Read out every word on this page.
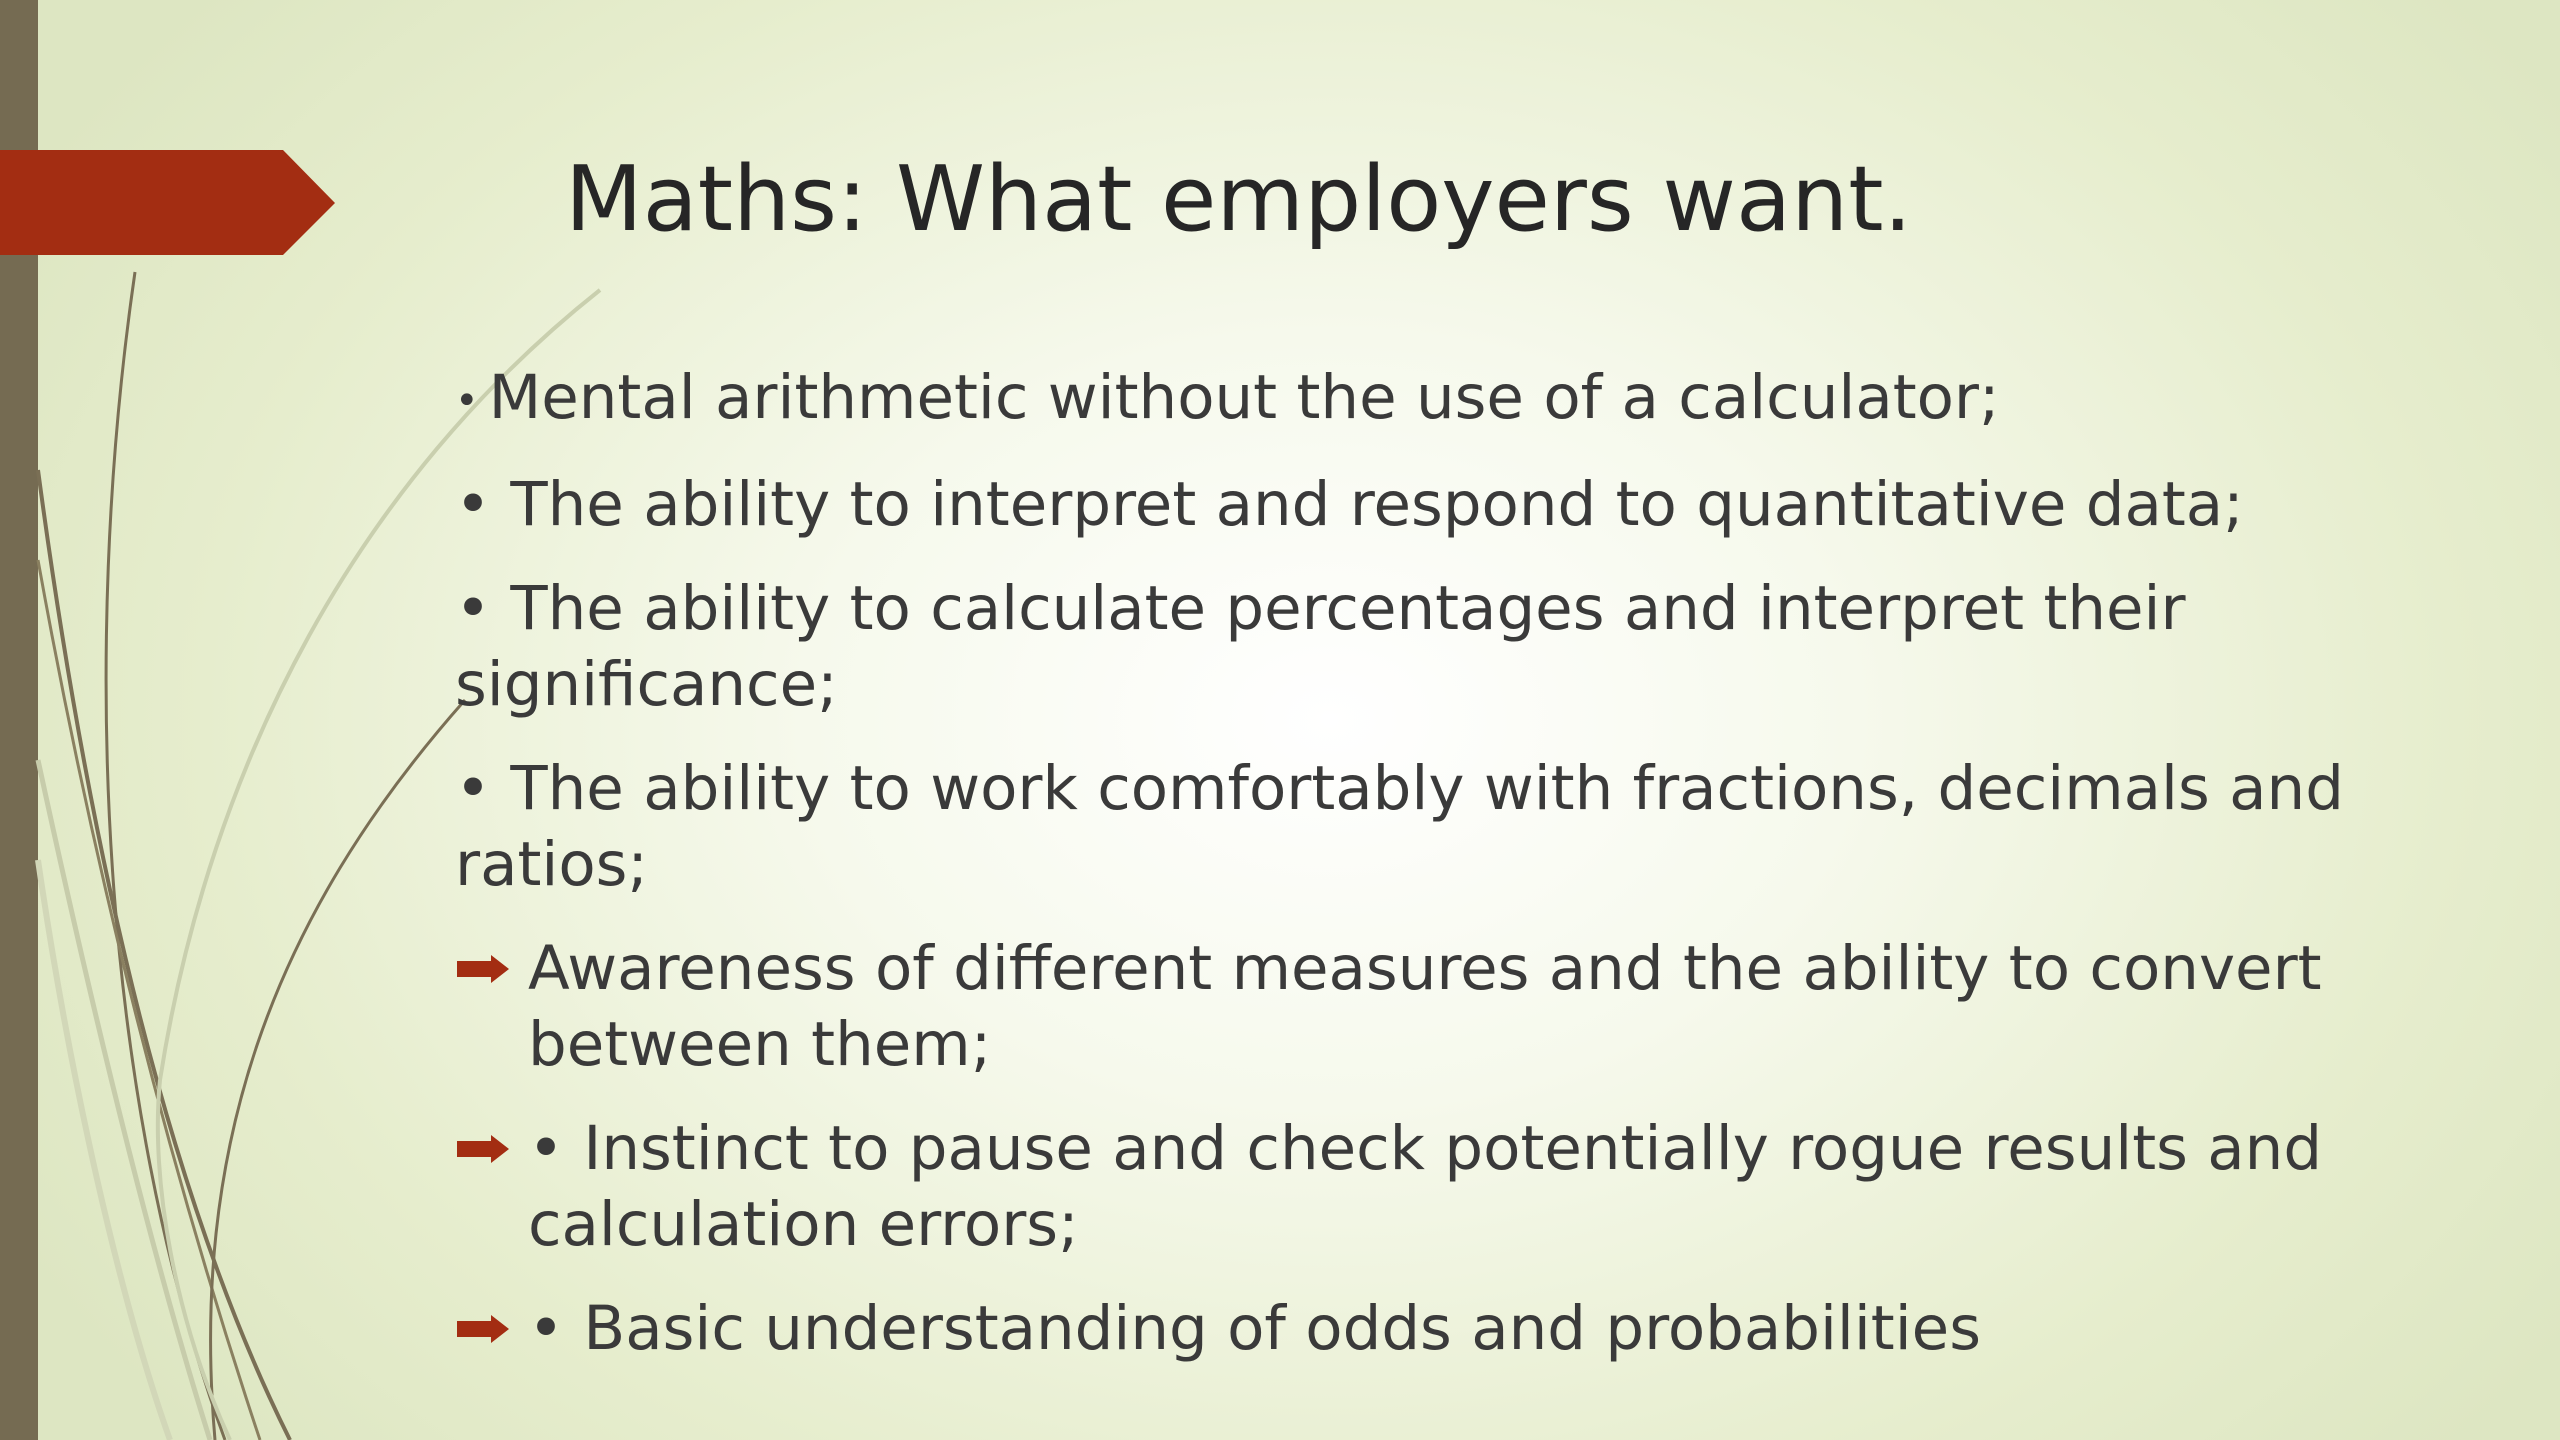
Maths: What employers want.
• Mental arithmetic without the use of a calculator;
• The ability to interpret and respond to quantitative data;
• The ability to calculate percentages and interpret their significance;
• The ability to work comfortably with fractions, decimals and ratios;
Awareness of different measures and the ability to convert between them;
• Instinct to pause and check potentially rogue results and calculation errors;
• Basic understanding of odds and probabilities
